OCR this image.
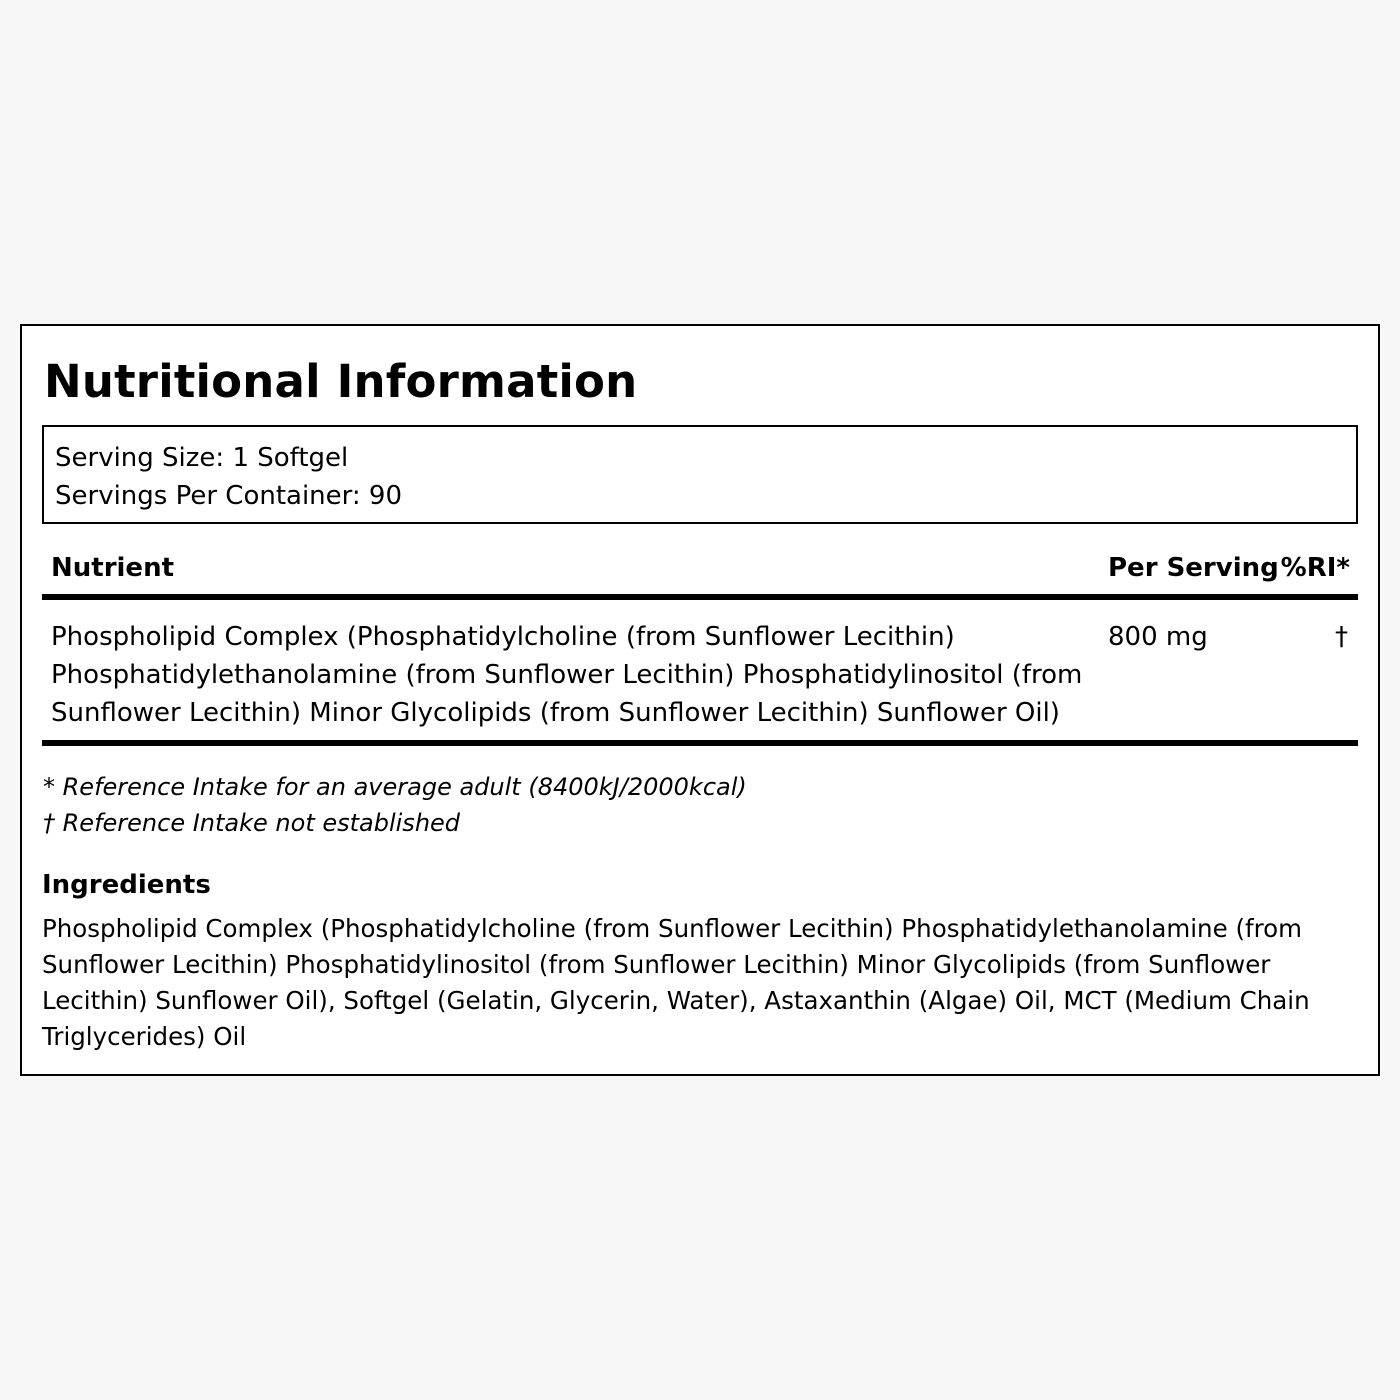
Nutritional Information
Serving Size: 1 Softgel
Servings Per Container: 90
Nutrient	Per Serving %RI*

Phospholipid Complex (Phosphatidylcholine (from Sunflower Lecithin) Phosphatidylethanolamine (from Sunflower Lecithin) Phosphatidylinositol (from Sunflower Lecithin) Minor Glycolipids (from Sunflower Lecithin) Sunflower Oil)

800 mg	†
* Reference Intake for an average adult (8400kJ/2000kcal)
† Reference Intake not established
Ingredients

Phospholipid Complex (Phosphatidylcholine (from Sunflower Lecithin) Phosphatidylethanolamine (from Sunflower Lecithin) Phosphatidylinositol (from Sunflower Lecithin) Minor Glycolipids (from Sunflower Lecithin) Sunflower Oil), Softgel (Gelatin, Glycerin, Water), Astaxanthin (Algae) Oil, MCT (Medium Chain Triglycerides) Oil
